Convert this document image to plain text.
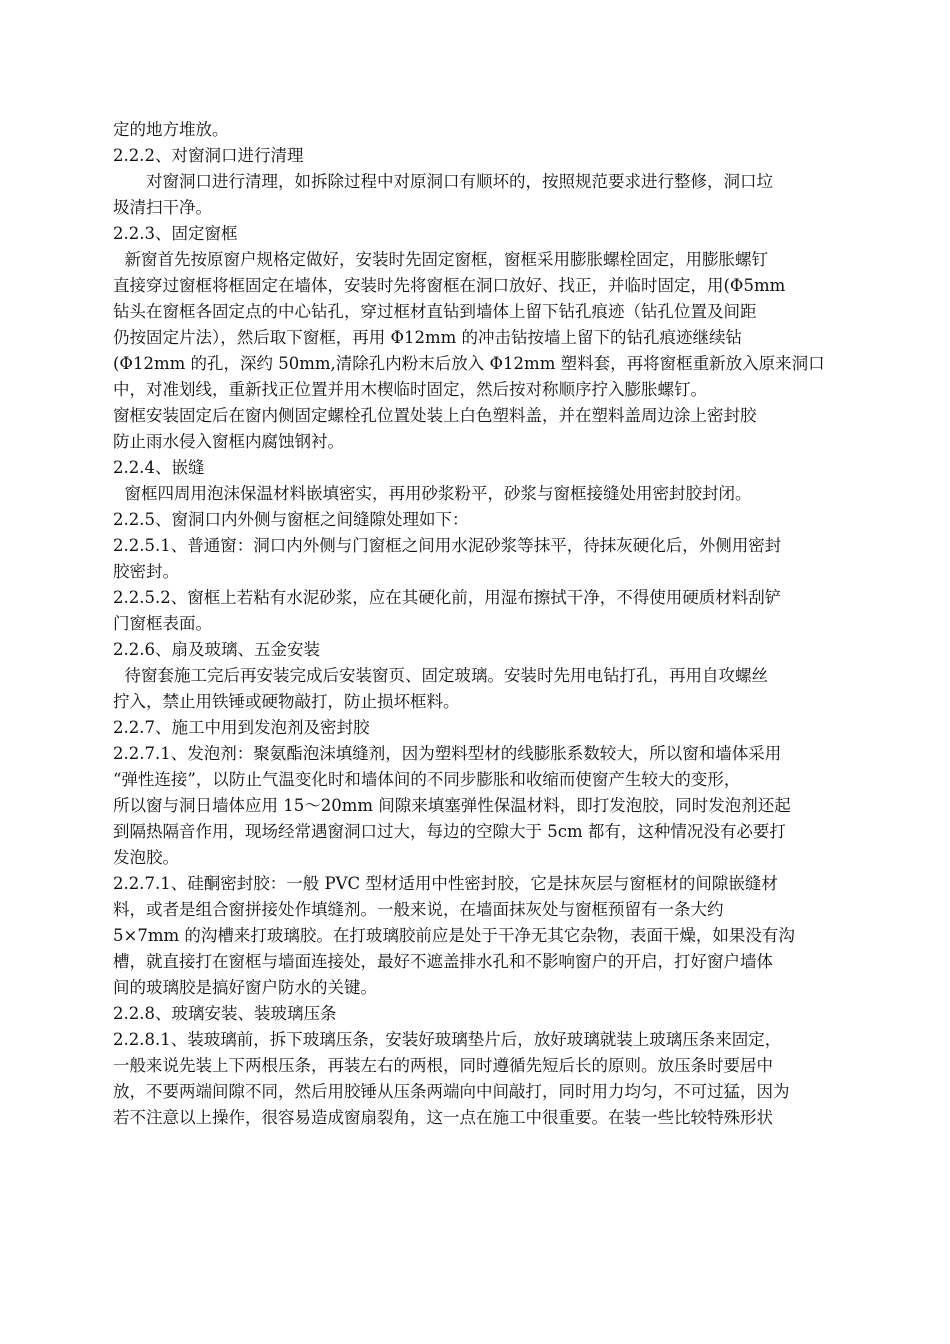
定的地方堆放。
2.2.2、对窗洞口进行清理
对窗洞口进行清理，如拆除过程中对原洞口有顺坏的，按照规范要求进行整修，洞口垃
圾清扫干净。
2.2.3、固定窗框
新窗首先按原窗户规格定做好，安装时先固定窗框，窗框采用膨胀螺栓固定，用膨胀螺钉
直接穿过窗框将框固定在墙体，安装时先将窗框在洞口放好、找正，并临时固定，用(Φ5mm
钻头在窗框各固定点的中心钻孔，穿过框材直钻到墙体上留下钻孔痕迹（钻孔位置及间距
仍按固定片法），然后取下窗框，再用 Φ12mm 的冲击钻按墙上留下的钻孔痕迹继续钻
(Φ12mm 的孔，深约 50mm,清除孔内粉末后放入 Φ12mm 塑料套，再将窗框重新放入原来洞口
中，对准划线，重新找正位置并用木楔临时固定，然后按对称顺序拧入膨胀螺钉。
窗框安装固定后在窗内侧固定螺栓孔位置处装上白色塑料盖，并在塑料盖周边涂上密封胶
防止雨水侵入窗框内腐蚀钢衬。
2.2.4、嵌缝
窗框四周用泡沫保温材料嵌填密实，再用砂浆粉平，砂浆与窗框接缝处用密封胶封闭。
2.2.5、窗洞口内外侧与窗框之间缝隙处理如下：
2.2.5.1、普通窗：洞口内外侧与门窗框之间用水泥砂浆等抹平，待抹灰硬化后，外侧用密封
胶密封。
2.2.5.2、窗框上若粘有水泥砂浆，应在其硬化前，用湿布擦拭干净，不得使用硬质材料刮铲
门窗框表面。
2.2.6、扇及玻璃、五金安装
待窗套施工完后再安装完成后安装窗页、固定玻璃。安装时先用电钻打孔，再用自攻螺丝
拧入，禁止用铁锤或硬物敲打，防止损坏框料。
2.2.7、施工中用到发泡剂及密封胶
2.2.7.1、发泡剂：聚氨酯泡沫填缝剂，因为塑料型材的线膨胀系数较大，所以窗和墙体采用
“弹性连接”，以防止气温变化时和墙体间的不同步膨胀和收缩而使窗产生较大的变形，
所以窗与洞日墙体应用 15～20mm 间隙来填塞弹性保温材料，即打发泡胶，同时发泡剂还起
到隔热隔音作用，现场经常遇窗洞口过大，每边的空隙大于 5cm 都有，这种情况没有必要打
发泡胶。
2.2.7.1、硅酮密封胶：一般 PVC 型材适用中性密封胶，它是抹灰层与窗框材的间隙嵌缝材
料，或者是组合窗拼接处作填缝剂。一般来说，在墙面抹灰处与窗框预留有一条大约
5×7mm 的沟槽来打玻璃胶。在打玻璃胶前应是处于干净无其它杂物，表面干燥，如果没有沟
槽，就直接打在窗框与墙面连接处，最好不遮盖排水孔和不影响窗户的开启，打好窗户墙体
间的玻璃胶是搞好窗户防水的关键。
2.2.8、玻璃安装、装玻璃压条
2.2.8.1、装玻璃前，拆下玻璃压条，安装好玻璃垫片后，放好玻璃就装上玻璃压条来固定，
一般来说先装上下两根压条，再装左右的两根，同时遵循先短后长的原则。放压条时要居中
放，不要两端间隙不同，然后用胶锤从压条两端向中间敲打，同时用力均匀，不可过猛，因为
若不注意以上操作，很容易造成窗扇裂角，这一点在施工中很重要。在装一些比较特殊形状
